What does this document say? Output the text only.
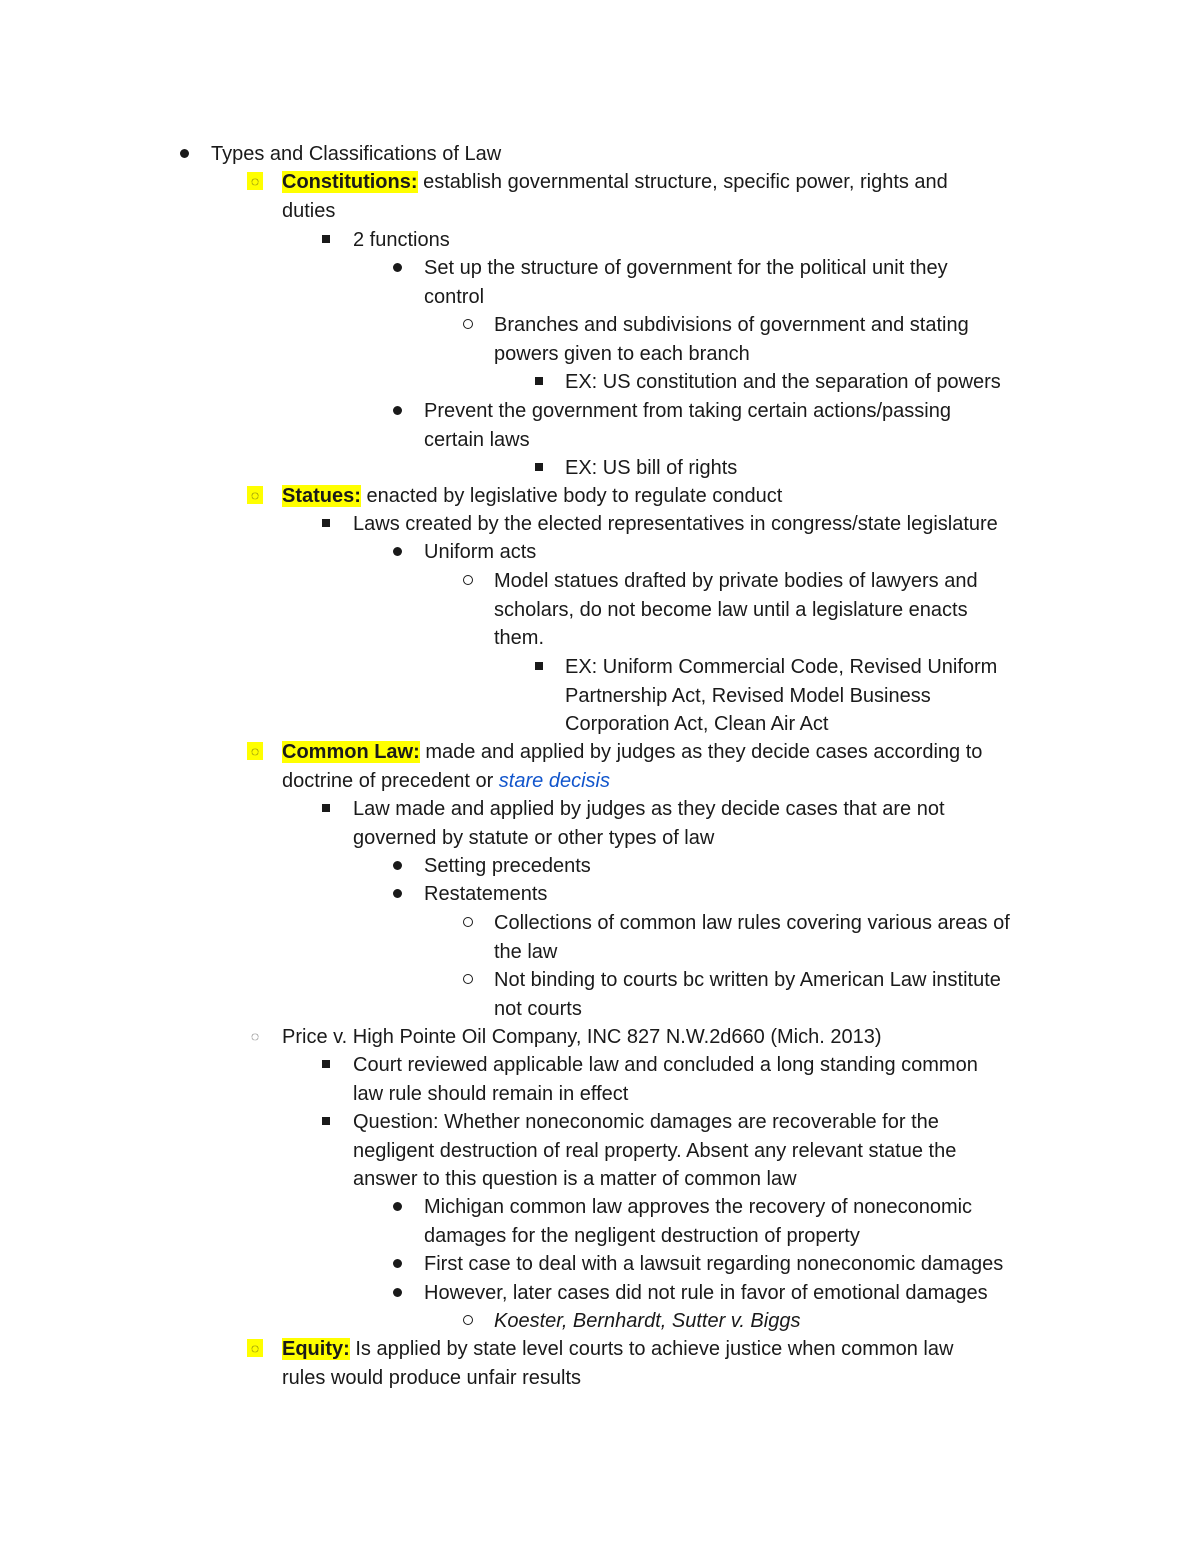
Types and Classifications of Law
◌	Constitutions: establish governmental structure, specific power, rights and
duties
2 functions
Set up the structure of government for the political unit they
control
Branches and subdivisions of government and stating
powers given to each branch
EX: US constitution and the separation of powers
Prevent the government from taking certain actions/passing
certain laws
EX: US bill of rights
◌	Statues: enacted by legislative body to regulate conduct
Laws created by the elected representatives in congress/state legislature
Uniform acts
Model statues drafted by private bodies of lawyers and
scholars, do not become law until a legislature enacts
them.
EX: Uniform Commercial Code, Revised Uniform
Partnership Act, Revised Model Business
Corporation Act, Clean Air Act
◌	Common Law: made and applied by judges as they decide cases according to
doctrine of precedent or stare decisis
Law made and applied by judges as they decide cases that are not
governed by statute or other types of law
Setting precedents
Restatements
Collections of common law rules covering various areas of
the law
Not binding to courts bc written by American Law institute
not courts
◌	Price v. High Pointe Oil Company, INC 827 N.W.2d660 (Mich. 2013)
Court reviewed applicable law and concluded a long standing common
law rule should remain in effect
Question: Whether noneconomic damages are recoverable for the
negligent destruction of real property. Absent any relevant statue the
answer to this question is a matter of common law
Michigan common law approves the recovery of noneconomic
damages for the negligent destruction of property
First case to deal with a lawsuit regarding noneconomic damages
However, later cases did not rule in favor of emotional damages
Koester, Bernhardt, Sutter v. Biggs
◌	Equity: Is applied by state level courts to achieve justice when common law
rules would produce unfair results
